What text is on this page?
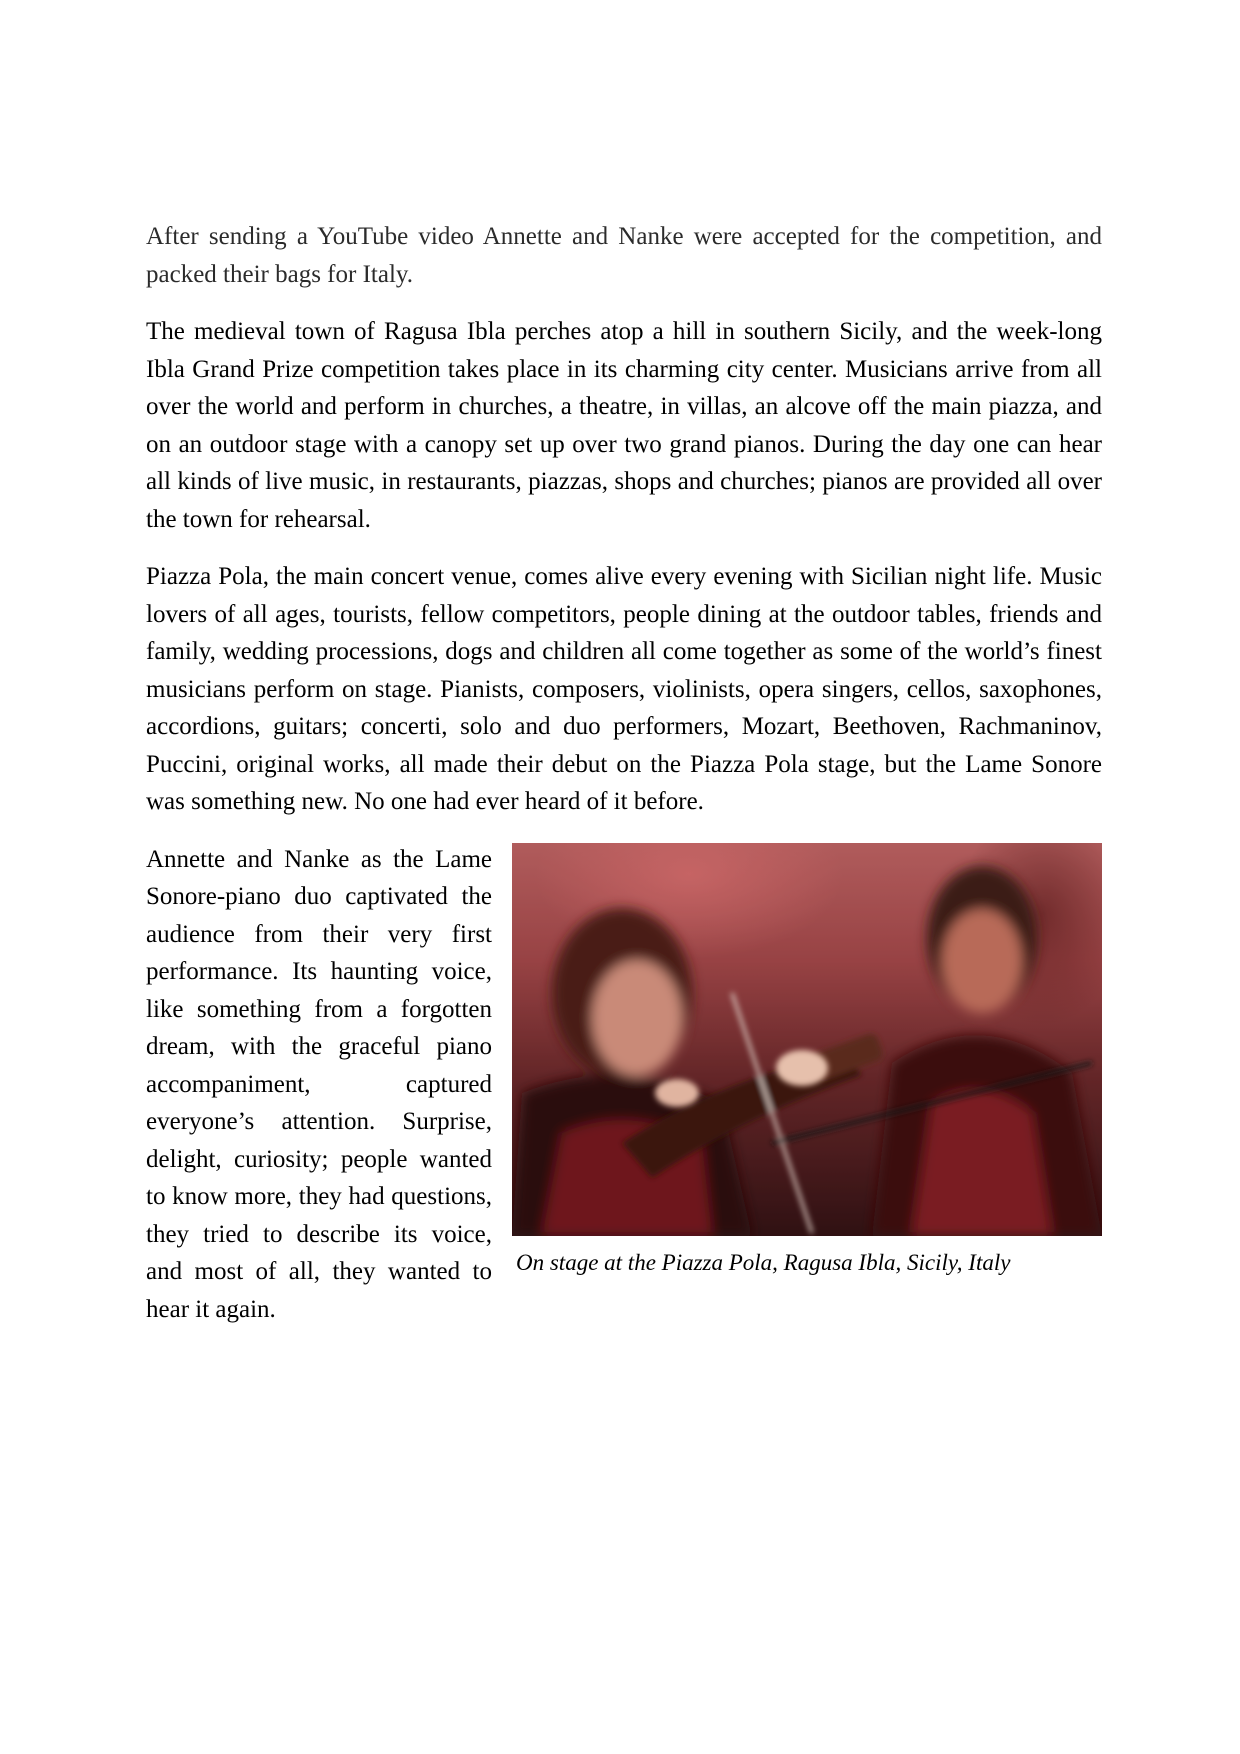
After sending a YouTube video Annette and Nanke were accepted for the competition, and packed their bags for Italy.

The medieval town of Ragusa Ibla perches atop a hill in southern Sicily, and the week-long Ibla Grand Prize competition takes place in its charming city center. Musicians arrive from all over the world and perform in churches, a theatre, in villas, an alcove off the main piazza, and on an outdoor stage with a canopy set up over two grand pianos. During the day one can hear all kinds of live music, in restaurants, piazzas, shops and churches; pianos are provided all over the town for rehearsal.

Piazza Pola, the main concert venue, comes alive every evening with Sicilian night life. Music lovers of all ages, tourists, fellow competitors, people dining at the outdoor tables, friends and family, wedding processions, dogs and children all come together as some of the world’s finest musicians perform on stage. Pianists, composers, violinists, opera singers, cellos, saxophones, accordions, guitars; concerti, solo and duo performers, Mozart, Beethoven, Rachmaninov, Puccini, original works, all made their debut on the Piazza Pola stage, but the Lame Sonore was something new. No one had ever heard of it before.

On stage at the Piazza Pola, Ragusa Ibla, Sicily, Italy

Annette and Nanke as the Lame Sonore-piano duo captivated the audience from their very first performance. Its haunting voice, like something from a forgotten dream, with the graceful piano accompaniment, captured everyone’s attention. Surprise, delight, curiosity; people wanted to know more, they had questions, they tried to describe its voice, and most of all, they wanted to hear it again.
